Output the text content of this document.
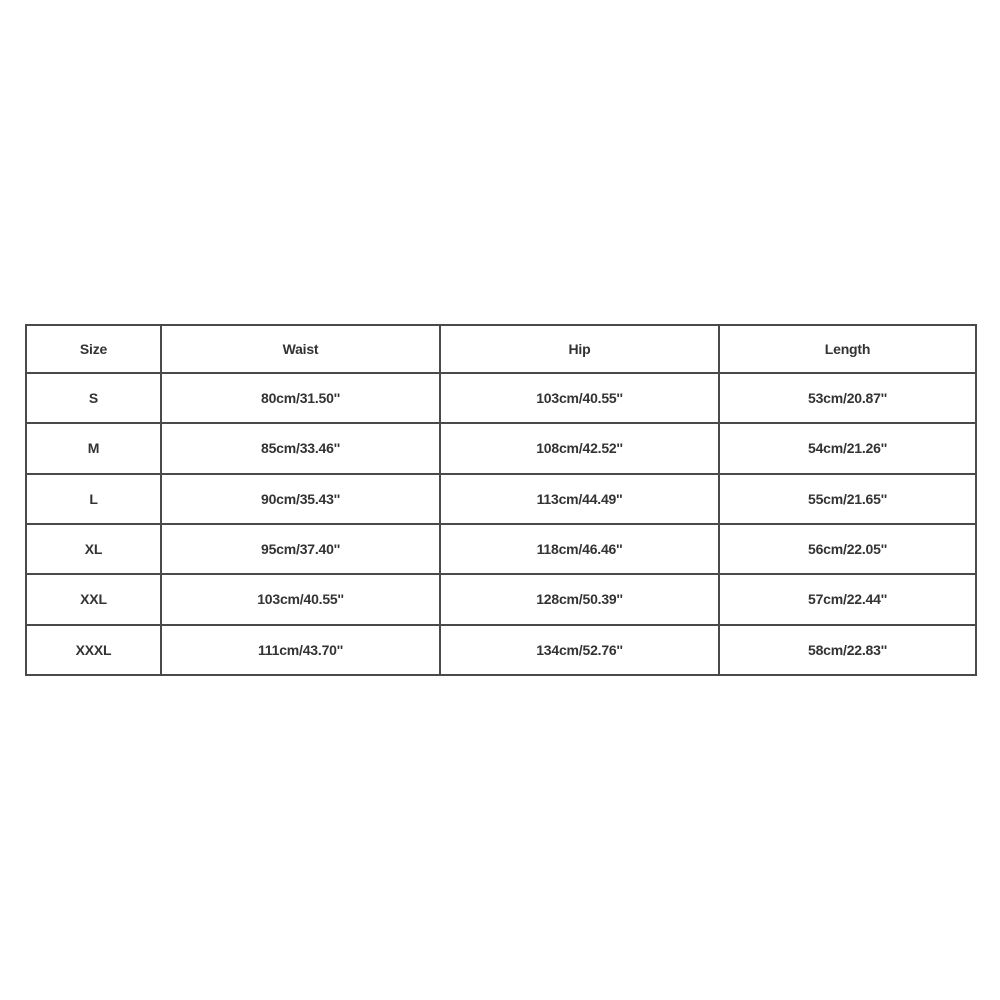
Size	Waist	Hip	Length
S	80cm/31.50''	103cm/40.55''	53cm/20.87''
M	85cm/33.46''	108cm/42.52''	54cm/21.26''
L	90cm/35.43''	113cm/44.49''	55cm/21.65''
XL	95cm/37.40''	118cm/46.46''	56cm/22.05''
XXL	103cm/40.55''	128cm/50.39''	57cm/22.44''
XXXL	111cm/43.70''	134cm/52.76''	58cm/22.83''
